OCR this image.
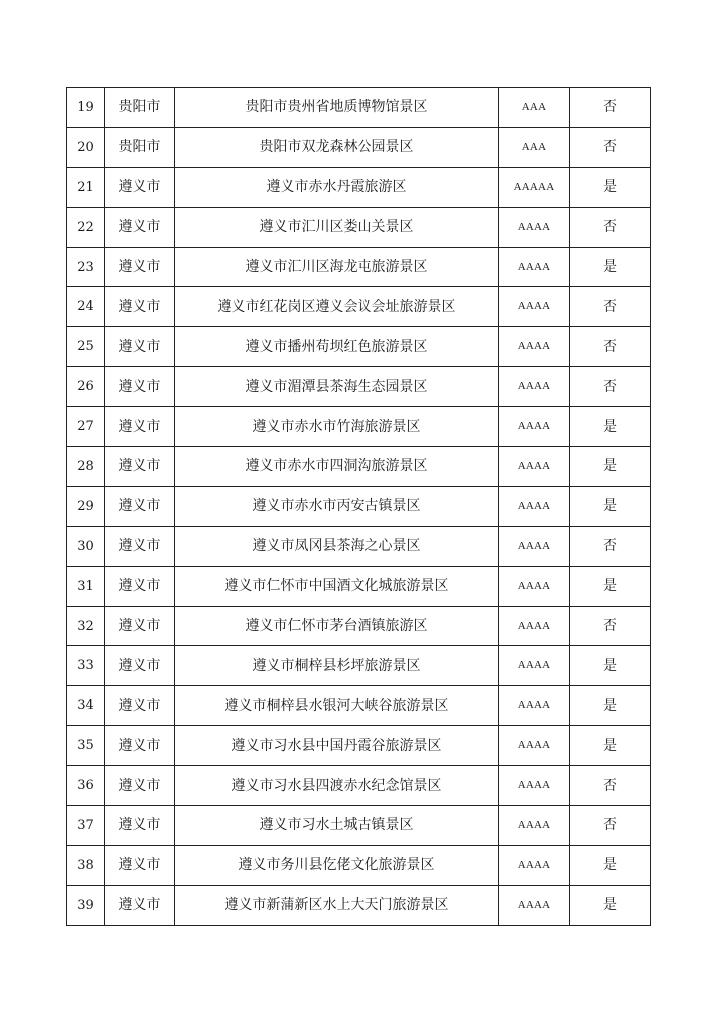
19	贵阳市	贵阳市贵州省地质博物馆景区	AAA	否
20	贵阳市	贵阳市双龙森林公园景区	AAA	否
21	遵义市	遵义市赤水丹霞旅游区	AAAAA	是
22	遵义市	遵义市汇川区娄山关景区	AAAA	否
23	遵义市	遵义市汇川区海龙屯旅游景区	AAAA	是
24	遵义市	遵义市红花岗区遵义会议会址旅游景区	AAAA	否
25	遵义市	遵义市播州苟坝红色旅游景区	AAAA	否
26	遵义市	遵义市湄潭县茶海生态园景区	AAAA	否
27	遵义市	遵义市赤水市竹海旅游景区	AAAA	是
28	遵义市	遵义市赤水市四洞沟旅游景区	AAAA	是
29	遵义市	遵义市赤水市丙安古镇景区	AAAA	是
30	遵义市	遵义市凤冈县茶海之心景区	AAAA	否
31	遵义市	遵义市仁怀市中国酒文化城旅游景区	AAAA	是
32	遵义市	遵义市仁怀市茅台酒镇旅游区	AAAA	否
33	遵义市	遵义市桐梓县杉坪旅游景区	AAAA	是
34	遵义市	遵义市桐梓县水银河大峡谷旅游景区	AAAA	是
35	遵义市	遵义市习水县中国丹霞谷旅游景区	AAAA	是
36	遵义市	遵义市习水县四渡赤水纪念馆景区	AAAA	否
37	遵义市	遵义市习水土城古镇景区	AAAA	否
38	遵义市	遵义市务川县仡佬文化旅游景区	AAAA	是
39	遵义市	遵义市新蒲新区水上大天门旅游景区	AAAA	是
